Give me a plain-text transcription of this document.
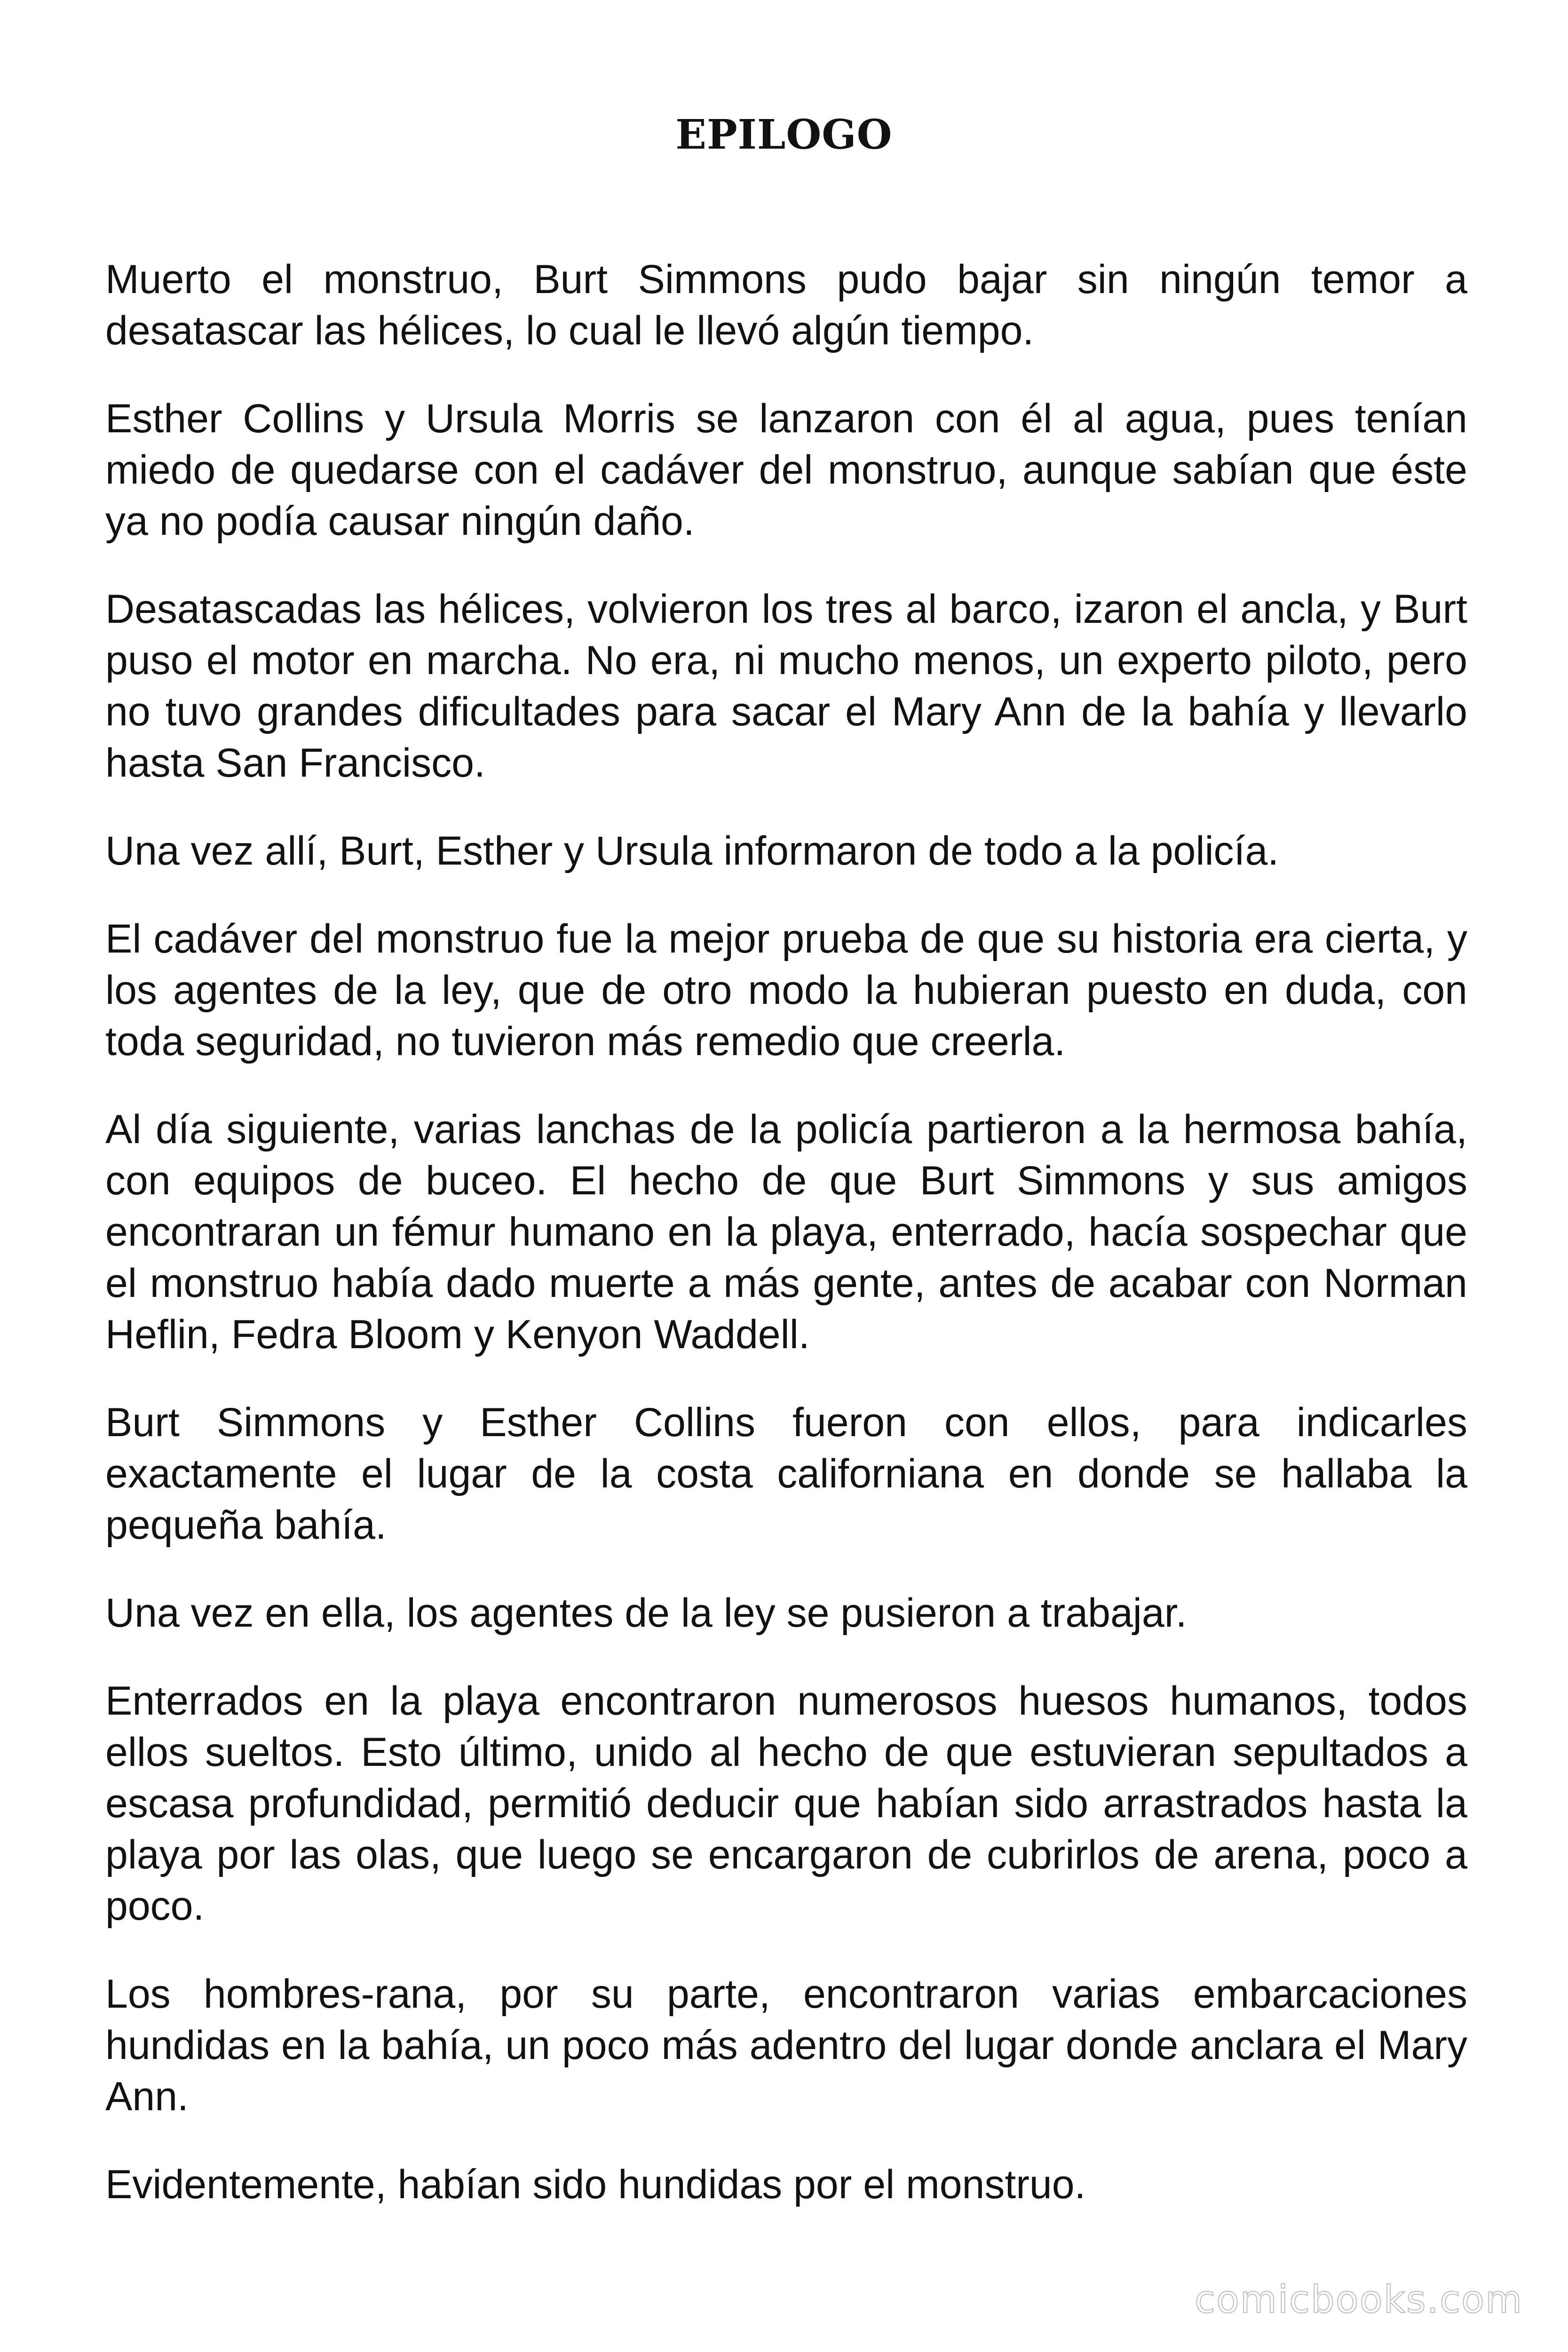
EPILOGO

Muerto el monstruo, Burt Simmons pudo bajar sin ningún temor a desatascar las hélices, lo cual le llevó algún tiempo.

Esther Collins y Ursula Morris se lanzaron con él al agua, pues tenían miedo de quedarse con el cadáver del monstruo, aunque sabían que éste ya no podía causar ningún daño.

Desatascadas las hélices, volvieron los tres al barco, izaron el ancla, y Burt puso el motor en marcha. No era, ni mucho menos, un experto piloto, pero no tuvo grandes dificultades para sacar el Mary Ann de la bahía y llevarlo hasta San Francisco.

Una vez allí, Burt, Esther y Ursula informaron de todo a la policía.

El cadáver del monstruo fue la mejor prueba de que su historia era cierta, y los agentes de la ley, que de otro modo la hubieran puesto en duda, con toda seguridad, no tuvieron más remedio que creerla.

Al día siguiente, varias lanchas de la policía partieron a la hermosa bahía, con equipos de buceo. El hecho de que Burt Simmons y sus amigos encontraran un fémur humano en la playa, enterrado, hacía sospechar que el monstruo había dado muerte a más gente, antes de acabar con Norman Heflin, Fedra Bloom y Kenyon Waddell.

Burt Simmons y Esther Collins fueron con ellos, para indicarles exactamente el lugar de la costa californiana en donde se hallaba la pequeña bahía.

Una vez en ella, los agentes de la ley se pusieron a trabajar.

Enterrados en la playa encontraron numerosos huesos humanos, todos ellos sueltos. Esto último, unido al hecho de que estuvieran sepultados a escasa profundidad, permitió deducir que habían sido arrastrados hasta la playa por las olas, que luego se encargaron de cubrirlos de arena, poco a poco.

Los hombres-rana, por su parte, encontraron varias embarcaciones hundidas en la bahía, un poco más adentro del lugar donde anclara el Mary Ann.

Evidentemente, habían sido hundidas por el monstruo.

comicbooks.com
